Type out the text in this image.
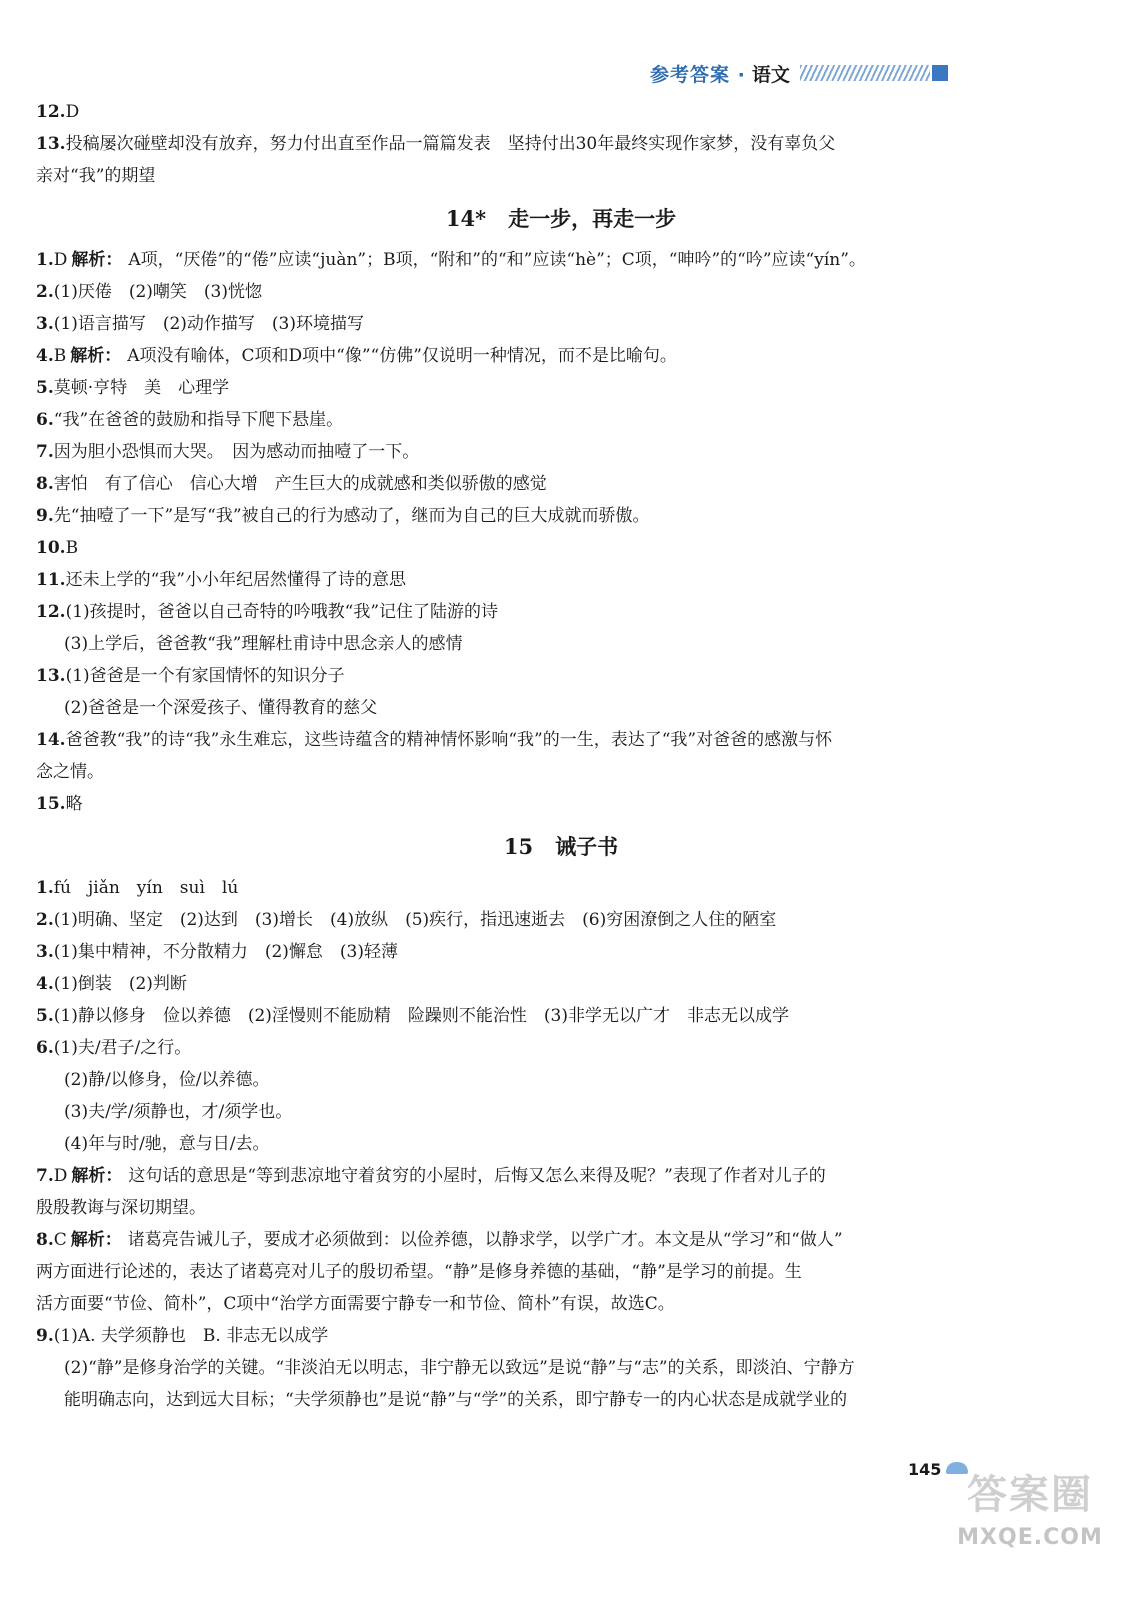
参考答案 · 语文
12.D
13.投稿屡次碰壁却没有放弃，努力付出直至作品一篇篇发表　坚持付出30年最终实现作家梦，没有辜负父
亲对“我”的期望
14* 走一步，再走一步
1.D 解析： A项，“厌倦”的“倦”应读“juàn”；B项，“附和”的“和”应读“hè”；C项，“呻吟”的“吟”应读“yín”。
2.(1)厌倦　(2)嘲笑　(3)恍惚
3.(1)语言描写　(2)动作描写　(3)环境描写
4.B 解析： A项没有喻体，C项和D项中“像”“仿佛”仅说明一种情况，而不是比喻句。
5.莫顿·亨特　美　心理学
6.“我”在爸爸的鼓励和指导下爬下悬崖。
7.因为胆小恐惧而大哭。　因为感动而抽噎了一下。
8.害怕　有了信心　信心大增　产生巨大的成就感和类似骄傲的感觉
9.先“抽噎了一下”是写“我”被自己的行为感动了，继而为自己的巨大成就而骄傲。
10.B
11.还未上学的“我”小小年纪居然懂得了诗的意思
12.(1)孩提时，爸爸以自己奇特的吟哦教“我”记住了陆游的诗
(3)上学后，爸爸教“我”理解杜甫诗中思念亲人的感情
13.(1)爸爸是一个有家国情怀的知识分子
(2)爸爸是一个深爱孩子、懂得教育的慈父
14.爸爸教“我”的诗“我”永生难忘，这些诗蕴含的精神情怀影响“我”的一生，表达了“我”对爸爸的感激与怀
念之情。
15.略
15 诫子书
1.fú　jiǎn　yín　suì　lú
2.(1)明确、坚定　(2)达到　(3)增长　(4)放纵　(5)疾行，指迅速逝去　(6)穷困潦倒之人住的陋室
3.(1)集中精神，不分散精力　(2)懈怠　(3)轻薄
4.(1)倒装　(2)判断
5.(1)静以修身　俭以养德　(2)淫慢则不能励精　险躁则不能治性　(3)非学无以广才　非志无以成学
6.(1)夫/君子/之行。
(2)静/以修身，俭/以养德。
(3)夫/学/须静也，才/须学也。
(4)年与时/驰，意与日/去。
7.D 解析： 这句话的意思是“等到悲凉地守着贫穷的小屋时，后悔又怎么来得及呢？”表现了作者对儿子的
殷殷教诲与深切期望。
8.C 解析： 诸葛亮告诫儿子，要成才必须做到：以俭养德，以静求学，以学广才。本文是从“学习”和“做人”
两方面进行论述的，表达了诸葛亮对儿子的殷切希望。“静”是修身养德的基础，“静”是学习的前提。生
活方面要“节俭、简朴”，C项中“治学方面需要宁静专一和节俭、简朴”有误，故选C。
9.(1)A. 夫学须静也　B. 非志无以成学
(2)“静”是修身治学的关键。“非淡泊无以明志，非宁静无以致远”是说“静”与“志”的关系，即淡泊、宁静方
能明确志向，达到远大目标；“夫学须静也”是说“静”与“学”的关系，即宁静专一的内心状态是成就学业的
145
答案圈
MXQE.COM
